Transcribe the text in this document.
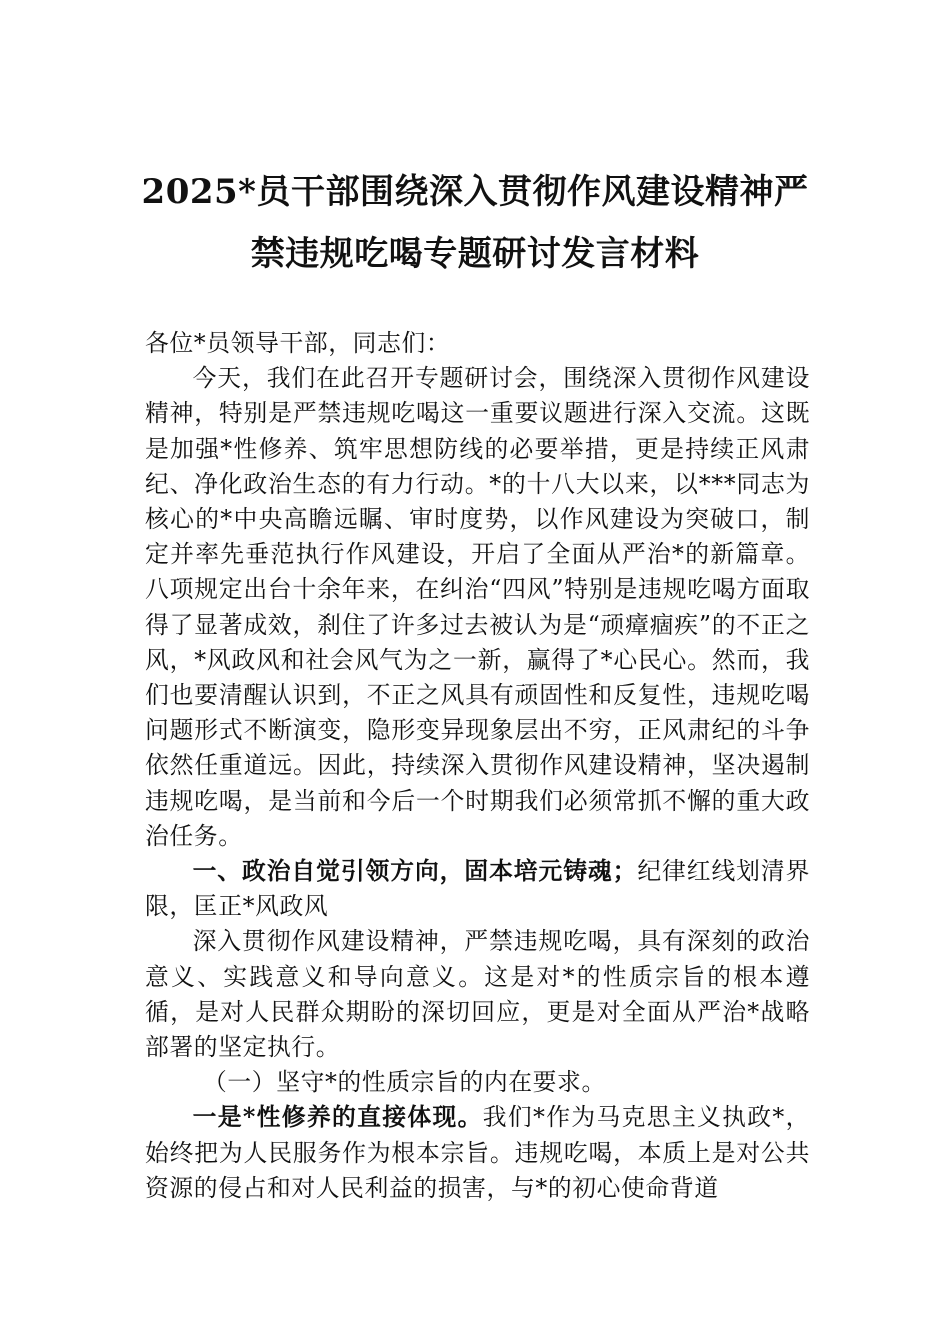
2025*员干部围绕深入贯彻作风建设精神严
禁违规吃喝专题研讨发言材料

各位*员领导干部，同志们：

今天，我们在此召开专题研讨会，围绕深入贯彻作风建设精神，特别是严禁违规吃喝这一重要议题进行深入交流。这既是加强*性修养、筑牢思想防线的必要举措，更是持续正风肃纪、净化政治生态的有力行动。*的十八大以来，以***同志为核心的*中央高瞻远瞩、审时度势，以作风建设为突破口，制定并率先垂范执行作风建设，开启了全面从严治*的新篇章。八项规定出台十余年来，在纠治“四风”特别是违规吃喝方面取得了显著成效，刹住了许多过去被认为是“顽瘴痼疾”的不正之风，*风政风和社会风气为之一新，赢得了*心民心。然而，我们也要清醒认识到，不正之风具有顽固性和反复性，违规吃喝问题形式不断演变，隐形变异现象层出不穷，正风肃纪的斗争依然任重道远。因此，持续深入贯彻作风建设精神，坚决遏制违规吃喝，是当前和今后一个时期我们必须常抓不懈的重大政治任务。

一、政治自觉引领方向，固本培元铸魂；纪律红线划清界限，匡正*风政风

深入贯彻作风建设精神，严禁违规吃喝，具有深刻的政治意义、实践意义和导向意义。这是对*的性质宗旨的根本遵循，是对人民群众期盼的深切回应，更是对全面从严治*战略部署的坚定执行。

（一）坚守*的性质宗旨的内在要求。

一是*性修养的直接体现。我们*作为马克思主义执政*，始终把为人民服务作为根本宗旨。违规吃喝，本质上是对公共资源的侵占和对人民利益的损害，与*的初心使命背道
